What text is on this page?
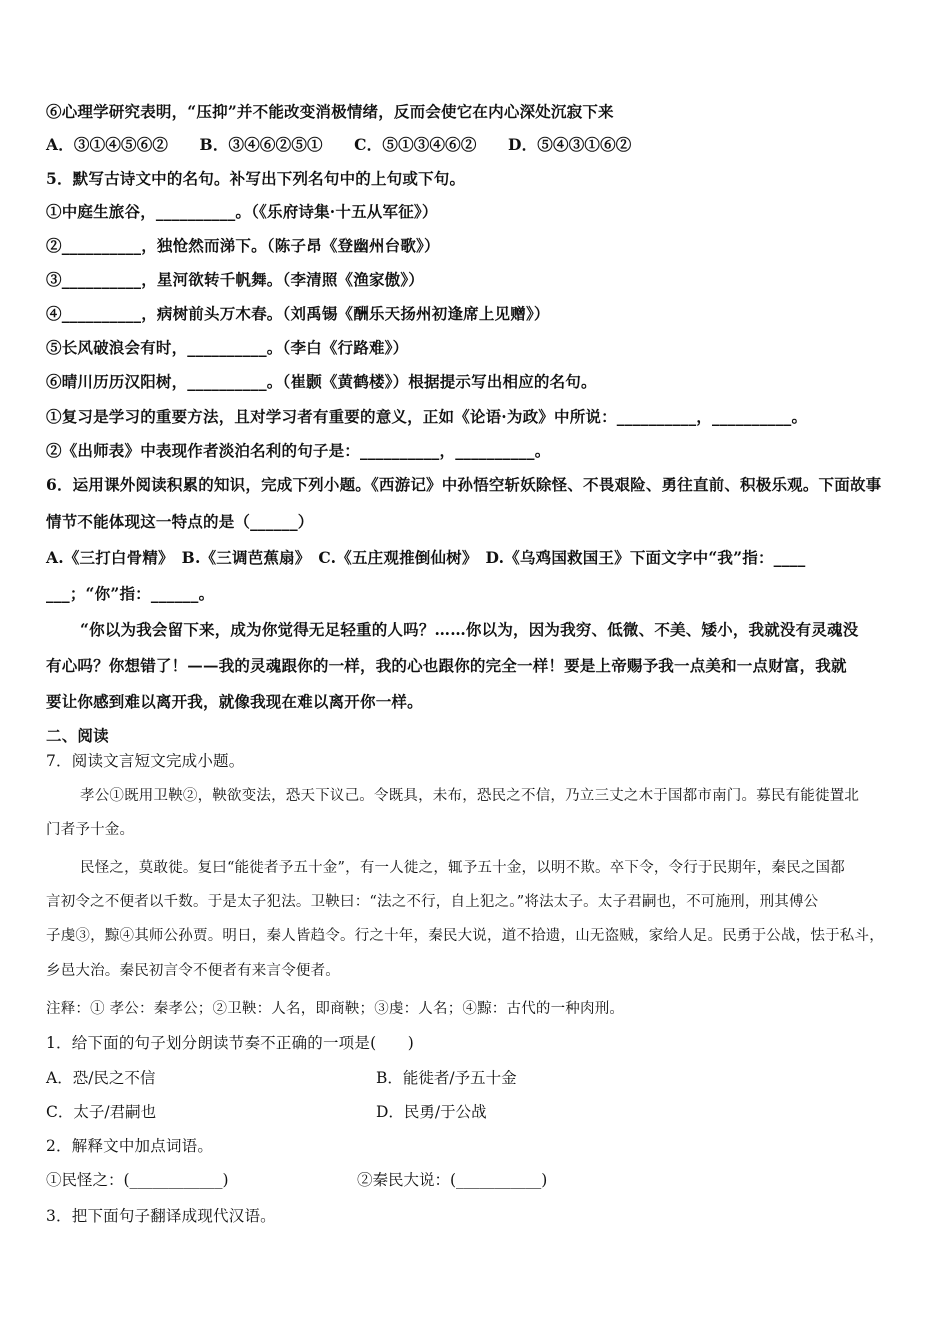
⑥心理学研究表明，“压抑”并不能改变消极情绪，反而会使它在内心深处沉寂下来
A．③①④⑤⑥②　　B．③④⑥②⑤①　　C．⑤①③④⑥②　　D．⑤④③①⑥②
5．默写古诗文中的名句。补写出下列名句中的上句或下句。
①中庭生旅谷，__________。（《乐府诗集·十五从军征》）
②__________，独怆然而涕下。（陈子昂《登幽州台歌》）
③__________，星河欲转千帆舞。（李清照《渔家傲》）
④__________，病树前头万木春。（刘禹锡《酬乐天扬州初逢席上见赠》）
⑤长风破浪会有时，__________。（李白《行路难》）
⑥晴川历历汉阳树，__________。（崔颢《黄鹤楼》）根据提示写出相应的名句。
①复习是学习的重要方法，且对学习者有重要的意义，正如《论语·为政》中所说：__________，__________。
②《出师表》中表现作者淡泊名利的句子是：__________，__________。
6．运用课外阅读积累的知识，完成下列小题。《西游记》中孙悟空斩妖除怪、不畏艰险、勇往直前、积极乐观。下面故事
情节不能体现这一特点的是（______）
A.《三打白骨精》　B.《三调芭蕉扇》　C.《五庄观推倒仙树》　D.《乌鸡国救国王》下面文字中“我”指：____
___；“你”指：______。
“你以为我会留下来，成为你觉得无足轻重的人吗？……你以为，因为我穷、低微、不美、矮小，我就没有灵魂没
有心吗？你想错了！——我的灵魂跟你的一样，我的心也跟你的完全一样！要是上帝赐予我一点美和一点财富，我就
要让你感到难以离开我，就像我现在难以离开你一样。
二、阅读
7．阅读文言短文完成小题。
孝公①既用卫鞅②，鞅欲变法，恐天下议己。令既具，未布，恐民之不信，乃立三丈之木于国都市南门。募民有能徙置北
门者予十金。
民怪之，莫敢徙。复曰“能徙者予五十金”，有一人徙之，辄予五十金，以明不欺。卒下令，令行于民期年，秦民之国都
言初令之不便者以千数。于是太子犯法。卫鞅曰：“法之不行，自上犯之。”将法太子。太子君嗣也，不可施刑，刑其傅公
子虔③，黥④其师公孙贾。明日，秦人皆趋令。行之十年，秦民大说，道不拾遗，山无盗贼，家给人足。民勇于公战，怯于私斗，
乡邑大治。秦民初言令不便者有来言令便者。
注释：① 孝公：秦孝公；②卫鞅：人名，即商鞅；③虔：人名；④黥：古代的一种肉刑。
1．给下面的句子划分朗读节奏不正确的一项是(　　)
A．恐/民之不信	B．能徙者/予五十金
C．太子/君嗣也	D．民勇/于公战
2．解释文中加点词语。
①民怪之：(____________)	②秦民大说：(___________)
3．把下面句子翻译成现代汉语。
